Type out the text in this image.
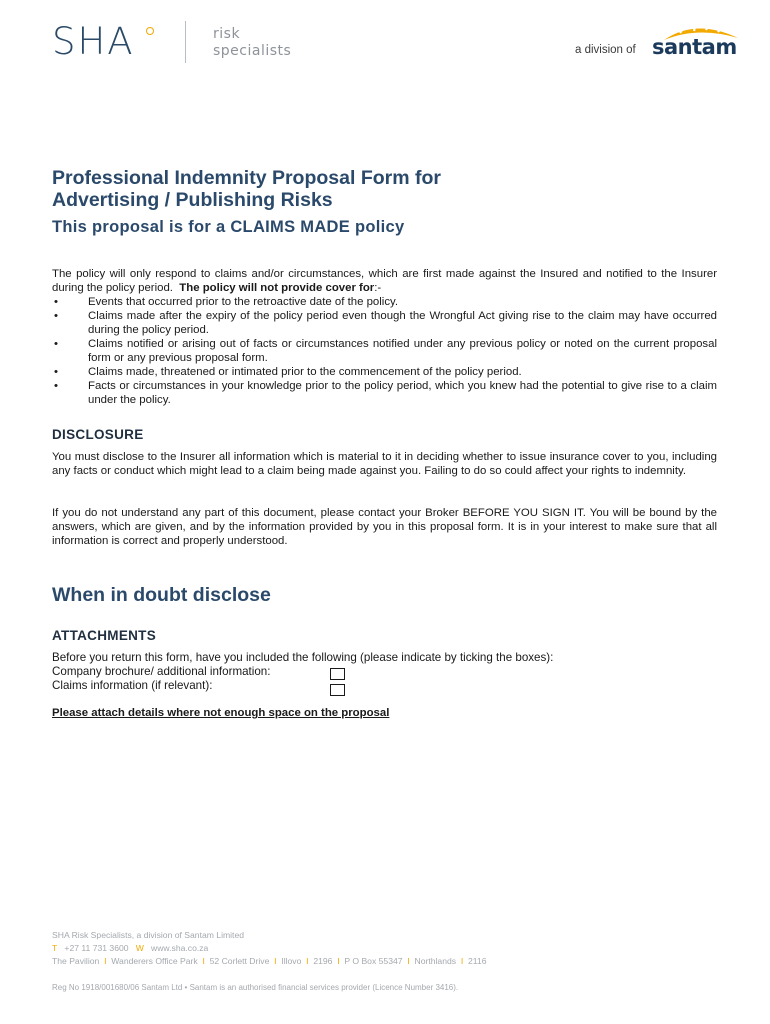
SHA	risk
specialists	a division of santam
Professional Indemnity Proposal Form for
Advertising / Publishing Risks
This proposal is for a CLAIMS MADE policy

The policy will only respond to claims and/or circumstances, which are first made against the Insured and notified to the Insurer during the policy period. The policy will not provide cover for:-

•	Events that occurred prior to the retroactive date of the policy.
•	Claims made after the expiry of the policy period even though the Wrongful Act giving rise to the claim may have occurred during the policy period.
•	Claims notified or arising out of facts or circumstances notified under any previous policy or noted on the current proposal form or any previous proposal form.
•	Claims made, threatened or intimated prior to the commencement of the policy period.
•	Facts or circumstances in your knowledge prior to the policy period, which you knew had the potential to give rise to a claim under the policy.
DISCLOSURE

You must disclose to the Insurer all information which is material to it in deciding whether to issue insurance cover to you, including any facts or conduct which might lead to a claim being made against you. Failing to do so could affect your rights to indemnity.

If you do not understand any part of this document, please contact your Broker BEFORE YOU SIGN IT. You will be bound by the answers, which are given, and by the information provided by you in this proposal form. It is in your interest to make sure that all information is correct and properly understood.

When in doubt disclose
ATTACHMENTS
Before you return this form, have you included the following (please indicate by ticking the boxes):
Company brochure/ additional information:
Claims information (if relevant):
Please attach details where not enough space on the proposal
SHA Risk Specialists, a division of Santam Limited
T +27 11 731 3600 W www.sha.co.za
The Pavilion I Wanderers Office Park I 52 Corlett Drive I Illovo I 2196 I P O Box 55347 I Northlands I 2116
Reg No 1918/001680/06 Santam Ltd • Santam is an authorised financial services provider (Licence Number 3416).
